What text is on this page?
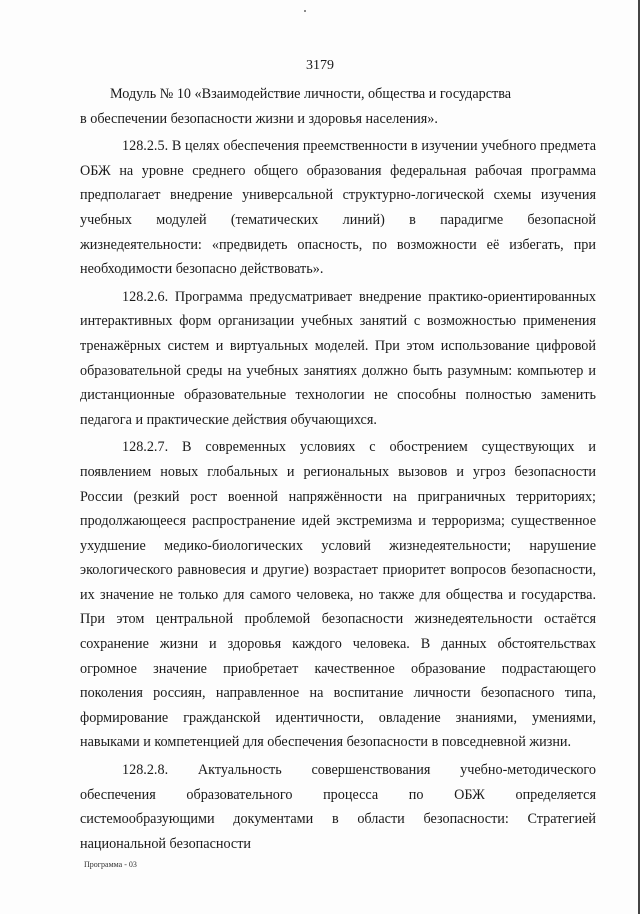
3179

Модуль № 10 «Взаимодействие личности, общества и государства

в обеспечении безопасности жизни и здоровья населения».

128.2.5. В целях обеспечения преемственности в изучении учебного предмета ОБЖ на уровне среднего общего образования федеральная рабочая программа предполагает внедрение универсальной структурно-логической схемы изучения учебных модулей (тематических линий) в парадигме безопасной жизнедеятельности: «предвидеть опасность, по возможности её избегать, при необходимости безопасно действовать».

128.2.6. Программа предусматривает внедрение практико-ориентированных интерактивных форм организации учебных занятий с возможностью применения тренажёрных систем и виртуальных моделей. При этом использование цифровой образовательной среды на учебных занятиях должно быть разумным: компьютер и дистанционные образовательные технологии не способны полностью заменить педагога и практические действия обучающихся.

128.2.7. В современных условиях с обострением существующих и появлением новых глобальных и региональных вызовов и угроз безопасности России (резкий рост военной напряжённости на приграничных территориях; продолжающееся распространение идей экстремизма и терроризма; существенное ухудшение медико-биологических условий жизнедеятельности; нарушение экологического равновесия и другие) возрастает приоритет вопросов безопасности, их значение не только для самого человека, но также для общества и государства. При этом центральной проблемой безопасности жизнедеятельности остаётся сохранение жизни и здоровья каждого человека. В данных обстоятельствах огромное значение приобретает качественное образование подрастающего поколения россиян, направленное на воспитание личности безопасного типа, формирование гражданской идентичности, овладение знаниями, умениями, навыками и компетенцией для обеспечения безопасности в повседневной жизни.

128.2.8. Актуальность совершенствования учебно-методического обеспечения образовательного процесса по ОБЖ определяется системообразующими документами в области безопасности: Стратегией национальной безопасности

Программа - 03
